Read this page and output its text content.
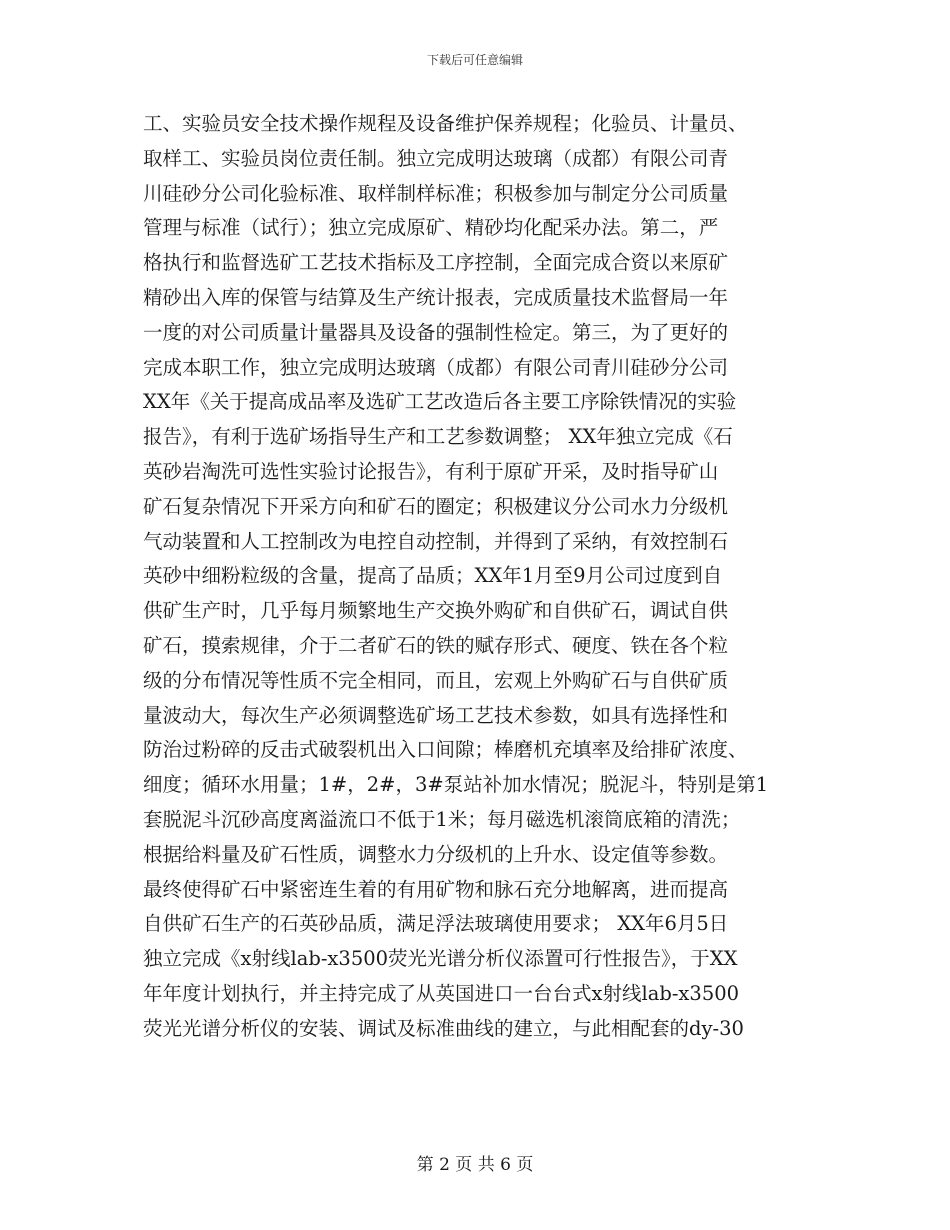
下载后可任意编辑
工、实验员安全技术操作规程及设备维护保养规程；化验员、计量员、
取样工、实验员岗位责任制。独立完成明达玻璃（成都）有限公司青
川硅砂分公司化验标准、取样制样标准；积极参加与制定分公司质量
管理与标准（试行）；独立完成原矿、精砂均化配采办法。第二，严
格执行和监督选矿工艺技术指标及工序控制，全面完成合资以来原矿
精砂出入库的保管与结算及生产统计报表，完成质量技术监督局一年
一度的对公司质量计量器具及设备的强制性检定。第三，为了更好的
完成本职工作，独立完成明达玻璃（成都）有限公司青川硅砂分公司
XX年《关于提高成品率及选矿工艺改造后各主要工序除铁情况的实验
报告》，有利于选矿场指导生产和工艺参数调整； XX年独立完成《石
英砂岩淘洗可选性实验讨论报告》，有利于原矿开采，及时指导矿山
矿石复杂情况下开采方向和矿石的圈定；积极建议分公司水力分级机
气动装置和人工控制改为电控自动控制，并得到了采纳，有效控制石
英砂中细粉粒级的含量，提高了品质；XX年1月至9月公司过度到自
供矿生产时，几乎每月频繁地生产交换外购矿和自供矿石，调试自供
矿石，摸索规律，介于二者矿石的铁的赋存形式、硬度、铁在各个粒
级的分布情况等性质不完全相同，而且，宏观上外购矿石与自供矿质
量波动大，每次生产必须调整选矿场工艺技术参数，如具有选择性和
防治过粉碎的反击式破裂机出入口间隙；棒磨机充填率及给排矿浓度、
细度；循环水用量；1#，2#，3#泵站补加水情况；脱泥斗，特别是第1
套脱泥斗沉砂高度离溢流口不低于1米；每月磁选机滚筒底箱的清洗；
根据给料量及矿石性质，调整水力分级机的上升水、设定值等参数。
最终使得矿石中紧密连生着的有用矿物和脉石充分地解离，进而提高
自供矿石生产的石英砂品质，满足浮法玻璃使用要求； XX年6月5日
独立完成《x射线lab-x3500荧光光谱分析仪添置可行性报告》，于XX
年年度计划执行，并主持完成了从英国进口一台台式x射线lab-x3500
荧光光谱分析仪的安装、调试及标准曲线的建立，与此相配套的dy-30
第 2 页 共 6 页
